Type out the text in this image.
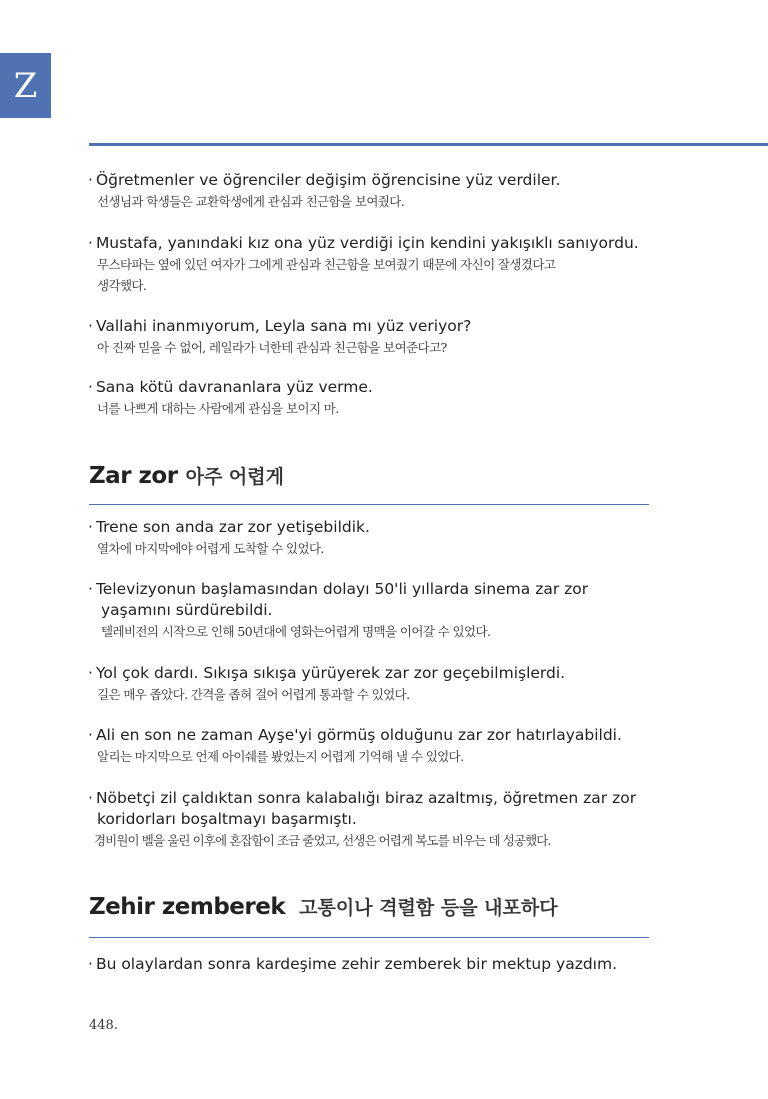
Z
· Öğretmenler ve öğrenciler değişim öğrencisine yüz verdiler.
선생님과 학생들은 교환학생에게 관심과 친근함을 보여줬다.
· Mustafa, yanındaki kız ona yüz verdiği için kendini yakışıklı sanıyordu.
무스타파는 옆에 있던 여자가 그에게 관심과 친근함을 보여줬기 때문에 자신이 잘생겼다고
생각했다.
· Vallahi inanmıyorum, Leyla sana mı yüz veriyor?
아 진짜 믿을 수 없어, 레일라가 너한테 관심과 친근함을 보여준다고?
· Sana kötü davrananlara yüz verme.
너를 나쁘게 대하는 사람에게 관심을 보이지 마.
Zar zor 아주 어렵게
· Trene son anda zar zor yetişebildik.
열차에 마지막에야 어렵게 도착할 수 있었다.
· Televizyonun başlamasından dolayı 50'li yıllarda sinema zar zor
yaşamını sürdürebildi.
텔레비전의 시작으로 인해 50년대에 영화는어렵게 명맥을 이어갈 수 있었다.
· Yol çok dardı. Sıkışa sıkışa yürüyerek zar zor geçebilmişlerdi.
길은 매우 좁았다. 간격을 좁혀 걸어 어렵게 통과할 수 있었다.
· Ali en son ne zaman Ayşe'yi görmüş olduğunu zar zor hatırlayabildi.
알리는 마지막으로 언제 아이쉐를 봤었는지 어렵게 기억해 낼 수 있었다.
· Nöbetçi zil çaldıktan sonra kalabalığı biraz azaltmış, öğretmen zar zor
koridorları boşaltmayı başarmıştı.
경비원이 벨을 울린 이후에 혼잡함이 조금 줄었고, 선생은 어렵게 복도를 비우는 데 성공했다.
Zehir zemberek 고통이나 격렬함 등을 내포하다
· Bu olaylardan sonra kardeşime zehir zemberek bir mektup yazdım.
448.
